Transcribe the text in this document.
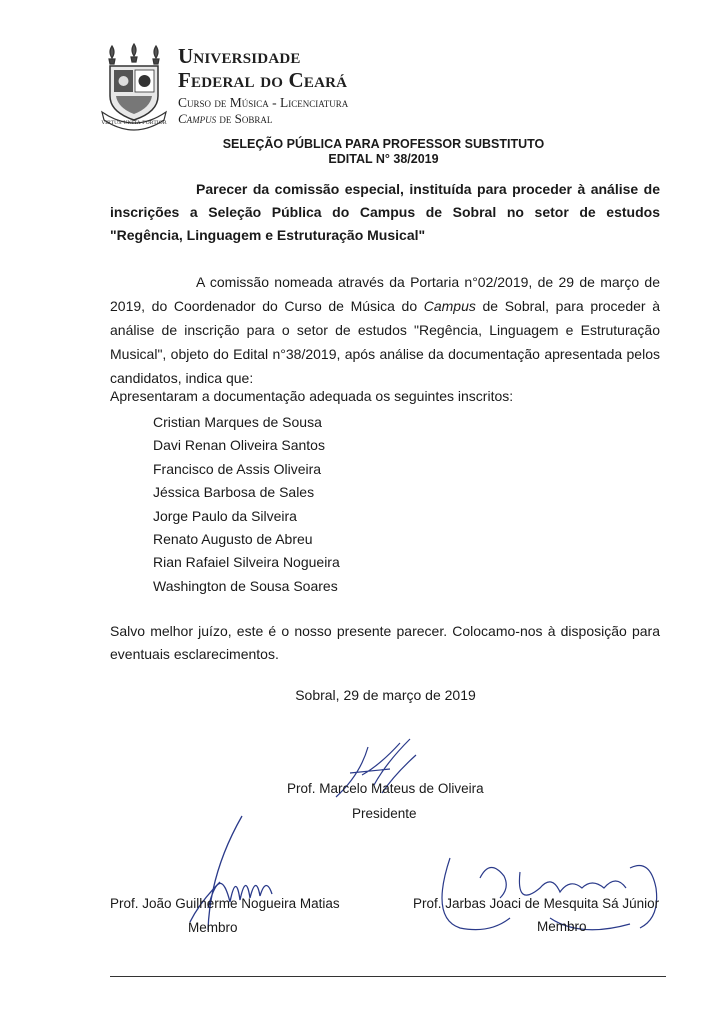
VIRTUS UNITA FORTIOR
Universidade
Federal do Ceará
Curso de Música - Licenciatura
Campus de Sobral
SELEÇÃO PÚBLICA PARA PROFESSOR SUBSTITUTO
EDITAL N° 38/2019
Parecer da comissão especial, instituída para proceder à análise de inscrições a Seleção Pública do Campus de Sobral no setor de estudos "Regência, Linguagem e Estruturação Musical"
A comissão nomeada através da Portaria n°02/2019, de 29 de março de 2019, do Coordenador do Curso de Música do Campus de Sobral, para proceder à análise de inscrição para o setor de estudos "Regência, Linguagem e Estruturação Musical", objeto do Edital n°38/2019, após análise da documentação apresentada pelos candidatos, indica que:
Apresentaram a documentação adequada os seguintes inscritos:
Cristian Marques de Sousa
Davi Renan Oliveira Santos
Francisco de Assis Oliveira
Jéssica Barbosa de Sales
Jorge Paulo da Silveira
Renato Augusto de Abreu
Rian Rafaiel Silveira Nogueira
Washington de Sousa Soares
Salvo melhor juízo, este é o nosso presente parecer. Colocamo-nos à disposição para eventuais esclarecimentos.
Sobral, 29 de março de 2019
Prof. Marcelo Mateus de Oliveira
Presidente
Prof. João Guilherme Nogueira Matias
Membro
Prof. Jarbas Joaci de Mesquita Sá Júnior
Membro
